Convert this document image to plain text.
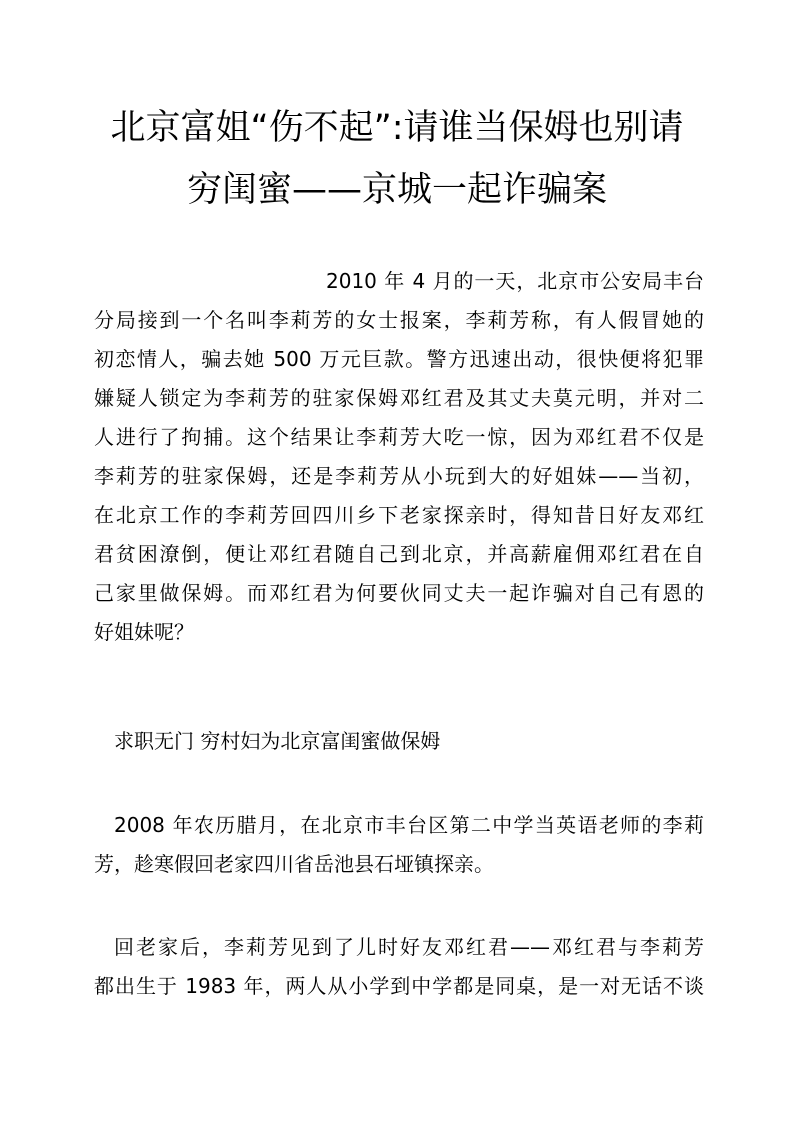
北京富姐“伤不起”:请谁当保姆也别请
穷闺蜜——京城一起诈骗案
2010 年 4 月的一天，北京市公安局丰台
分局接到一个名叫李莉芳的女士报案，李莉芳称，有人假冒她的
初恋情人，骗去她 500 万元巨款。警方迅速出动，很快便将犯罪
嫌疑人锁定为李莉芳的驻家保姆邓红君及其丈夫莫元明，并对二
人进行了拘捕。这个结果让李莉芳大吃一惊，因为邓红君不仅是
李莉芳的驻家保姆，还是李莉芳从小玩到大的好姐妹——当初，
在北京工作的李莉芳回四川乡下老家探亲时，得知昔日好友邓红
君贫困潦倒，便让邓红君随自己到北京，并高薪雇佣邓红君在自
己家里做保姆。而邓红君为何要伙同丈夫一起诈骗对自己有恩的
好姐妹呢？
求职无门 穷村妇为北京富闺蜜做保姆
2008 年农历腊月，在北京市丰台区第二中学当英语老师的李莉
芳，趁寒假回老家四川省岳池县石垭镇探亲。
回老家后，李莉芳见到了儿时好友邓红君——邓红君与李莉芳
都出生于 1983 年，两人从小学到中学都是同桌，是一对无话不谈
